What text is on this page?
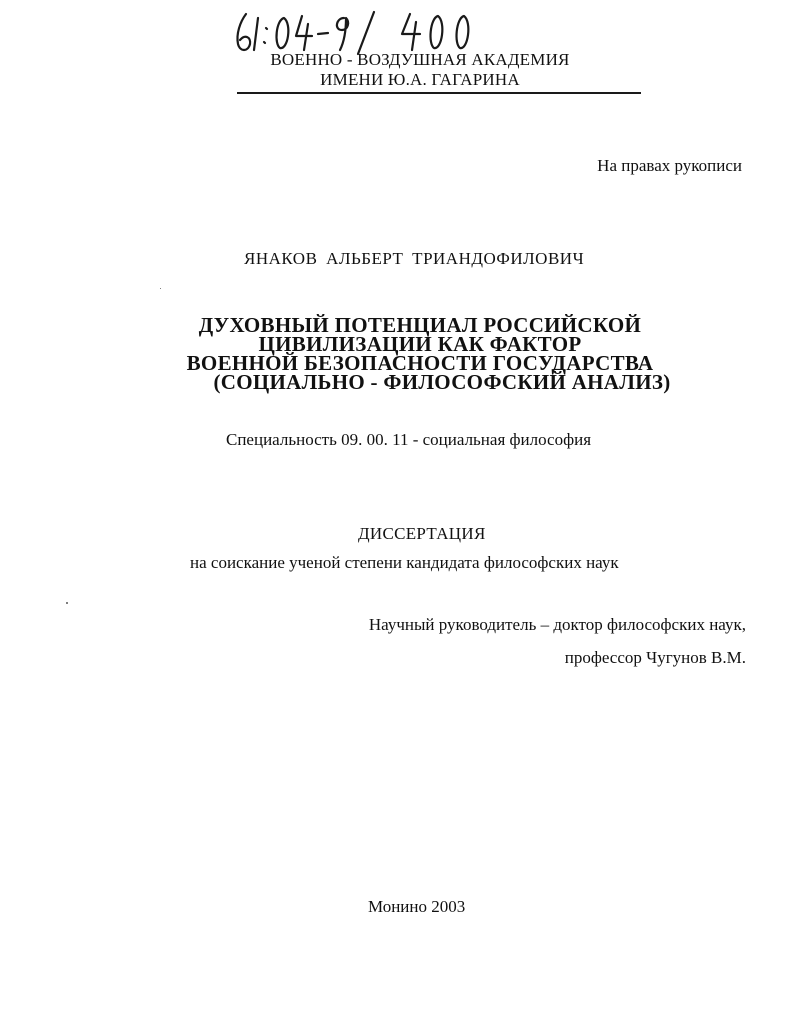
ВОЕННО - ВОЗДУШНАЯ АКАДЕМИЯ
ИМЕНИ Ю.А. ГАГАРИНА
На правах рукописи
ЯНАКОВ АЛЬБЕРТ ТРИАНДОФИЛОВИЧ
ДУХОВНЫЙ ПОТЕНЦИАЛ РОССИЙСКОЙ
ЦИВИЛИЗАЦИИ КАК ФАКТОР
ВОЕННОЙ БЕЗОПАСНОСТИ ГОСУДАРСТВА
(СОЦИАЛЬНО - ФИЛОСОФСКИЙ АНАЛИЗ)
Специальность 09. 00. 11 - социальная философия
ДИССЕРТАЦИЯ
на соискание ученой степени кандидата философских наук
Научный руководитель – доктор философских наук,
профессор Чугунов В.М.
Монино 2003
